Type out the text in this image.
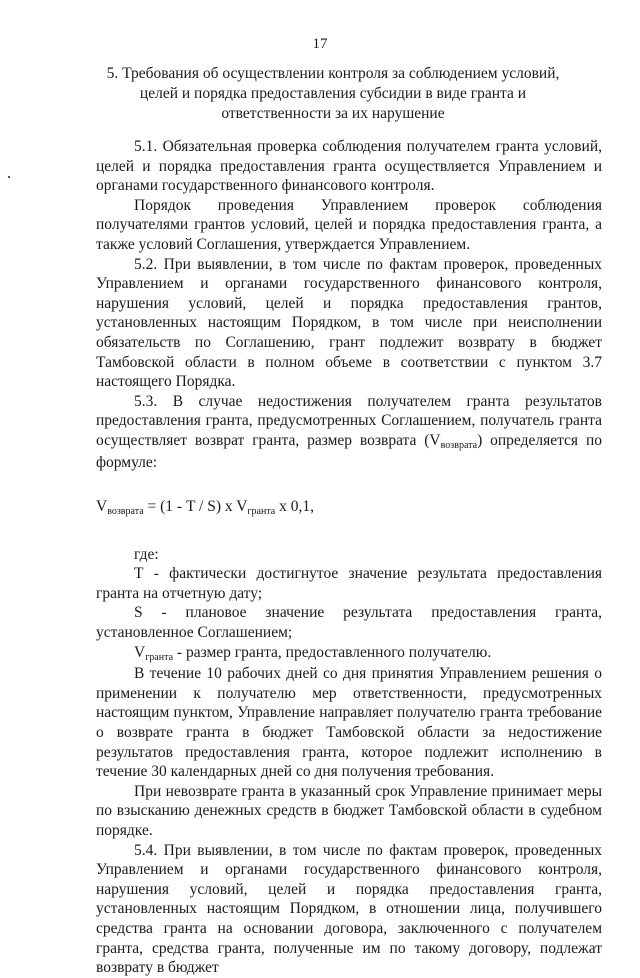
17
5. Требования об осуществлении контроля за соблюдением условий, целей и порядка предоставления субсидии в виде гранта и ответственности за их нарушение

5.1. Обязательная проверка соблюдения получателем гранта условий, целей и порядка предоставления гранта осуществляется Управлением и органами государственного финансового контроля.

Порядок проведения Управлением проверок соблюдения получателями грантов условий, целей и порядка предоставления гранта, а также условий Соглашения, утверждается Управлением.

5.2. При выявлении, в том числе по фактам проверок, проведенных Управлением и органами государственного финансового контроля, нарушения условий, целей и порядка предоставления грантов, установленных настоящим Порядком, в том числе при неисполнении обязательств по Соглашению, грант подлежит возврату в бюджет Тамбовской области в полном объеме в соответствии с пунктом 3.7 настоящего Порядка.

5.3. В случае недостижения получателем гранта результатов предоставления гранта, предусмотренных Соглашением, получатель гранта осуществляет возврат гранта, размер возврата (Vвозврата) определяется по формуле:

Vвозврата = (1 - T / S) x Vгранта x 0,1,

где:

Т - фактически достигнутое значение результата предоставления гранта на отчетную дату;

S - плановое значение результата предоставления гранта, установленное Соглашением;

Vгранта - размер гранта, предоставленного получателю.

В течение 10 рабочих дней со дня принятия Управлением решения о применении к получателю мер ответственности, предусмотренных настоящим пунктом, Управление направляет получателю гранта требование о возврате гранта в бюджет Тамбовской области за недостижение результатов предоставления гранта, которое подлежит исполнению в течение 30 календарных дней со дня получения требования.

При невозврате гранта в указанный срок Управление принимает меры по взысканию денежных средств в бюджет Тамбовской области в судебном порядке.

5.4. При выявлении, в том числе по фактам проверок, проведенных Управлением и органами государственного финансового контроля, нарушения условий, целей и порядка предоставления гранта, установленных настоящим Порядком, в отношении лица, получившего средства гранта на основании договора, заключенного с получателем гранта, средства гранта, полученные им по такому договору, подлежат возврату в бюджет
